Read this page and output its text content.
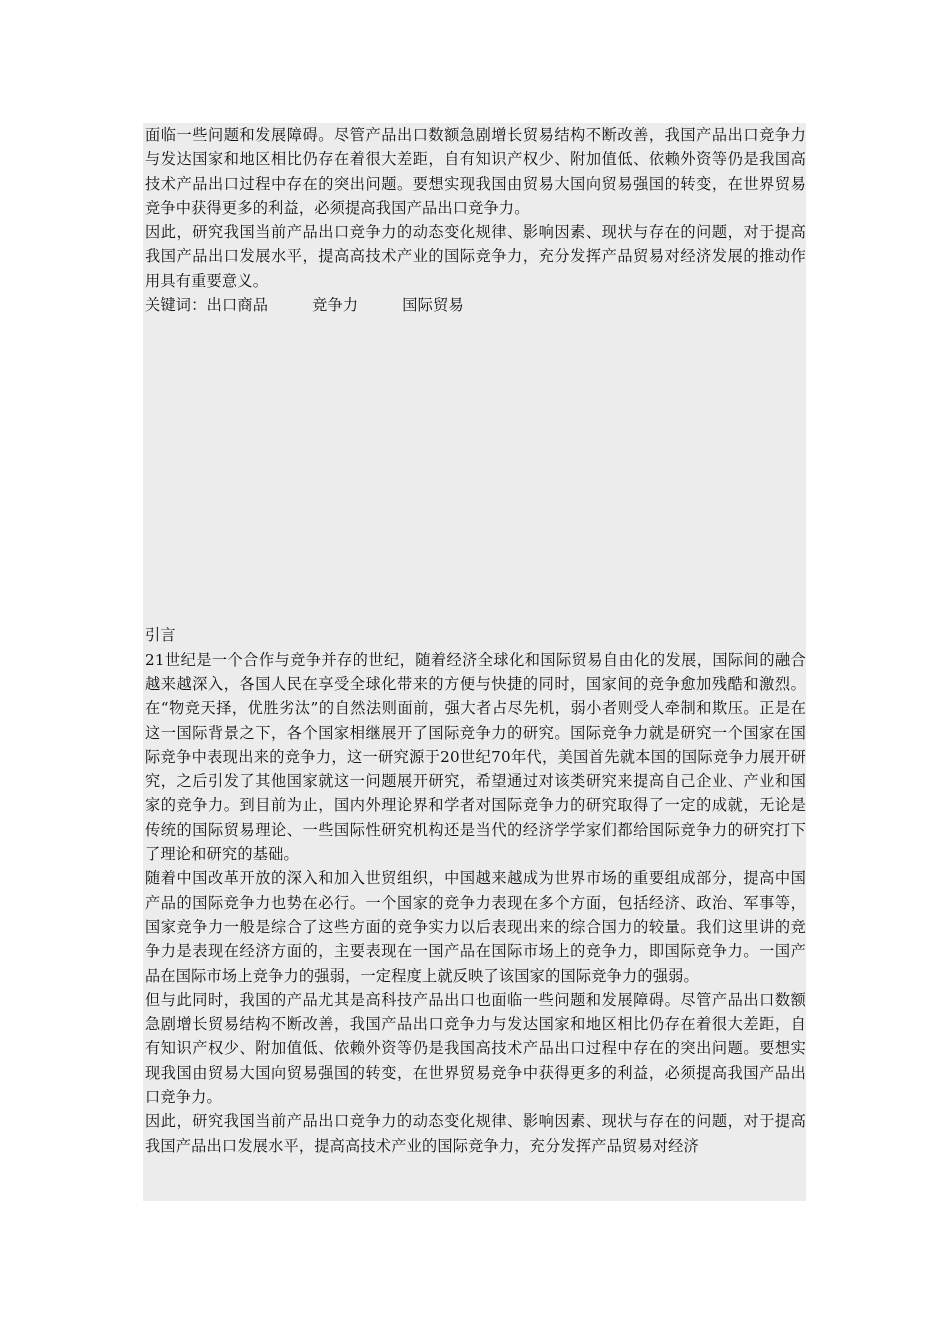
面临一些问题和发展障碍。尽管产品出口数额急剧增长贸易结构不断改善，我国产品出口竞争力与发达国家和地区相比仍存在着很大差距，自有知识产权少、附加值低、依赖外资等仍是我国高技术产品出口过程中存在的突出问题。要想实现我国由贸易大国向贸易强国的转变，在世界贸易竞争中获得更多的利益，必须提高我国产品出口竞争力。

因此，研究我国当前产品出口竞争力的动态变化规律、影响因素、现状与存在的问题，对于提高我国产品出口发展水平，提高高技术产业的国际竞争力，充分发挥产品贸易对经济发展的推动作用具有重要意义。

关键词：出口商品	竞争力	国际贸易

引言

21世纪是一个合作与竞争并存的世纪，随着经济全球化和国际贸易自由化的发展，国际间的融合越来越深入，各国人民在享受全球化带来的方便与快捷的同时，国家间的竞争愈加残酷和激烈。在“物竞天择，优胜劣汰”的自然法则面前，强大者占尽先机，弱小者则受人牵制和欺压。正是在这一国际背景之下，各个国家相继展开了国际竞争力的研究。国际竞争力就是研究一个国家在国际竞争中表现出来的竞争力，这一研究源于20世纪70年代，美国首先就本国的国际竞争力展开研究，之后引发了其他国家就这一问题展开研究，希望通过对该类研究来提高自己企业、产业和国家的竞争力。到目前为止，国内外理论界和学者对国际竞争力的研究取得了一定的成就，无论是传统的国际贸易理论、一些国际性研究机构还是当代的经济学学家们都给国际竞争力的研究打下了理论和研究的基础。

随着中国改革开放的深入和加入世贸组织，中国越来越成为世界市场的重要组成部分，提高中国产品的国际竞争力也势在必行。一个国家的竞争力表现在多个方面，包括经济、政治、军事等，国家竞争力一般是综合了这些方面的竞争实力以后表现出来的综合国力的较量。我们这里讲的竞争力是表现在经济方面的，主要表现在一国产品在国际市场上的竞争力，即国际竞争力。一国产品在国际市场上竞争力的强弱，一定程度上就反映了该国家的国际竞争力的强弱。

但与此同时，我国的产品尤其是高科技产品出口也面临一些问题和发展障碍。尽管产品出口数额急剧增长贸易结构不断改善，我国产品出口竞争力与发达国家和地区相比仍存在着很大差距，自有知识产权少、附加值低、依赖外资等仍是我国高技术产品出口过程中存在的突出问题。要想实现我国由贸易大国向贸易强国的转变，在世界贸易竞争中获得更多的利益，必须提高我国产品出口竞争力。

因此，研究我国当前产品出口竞争力的动态变化规律、影响因素、现状与存在的问题，对于提高我国产品出口发展水平，提高高技术产业的国际竞争力，充分发挥产品贸易对经济
